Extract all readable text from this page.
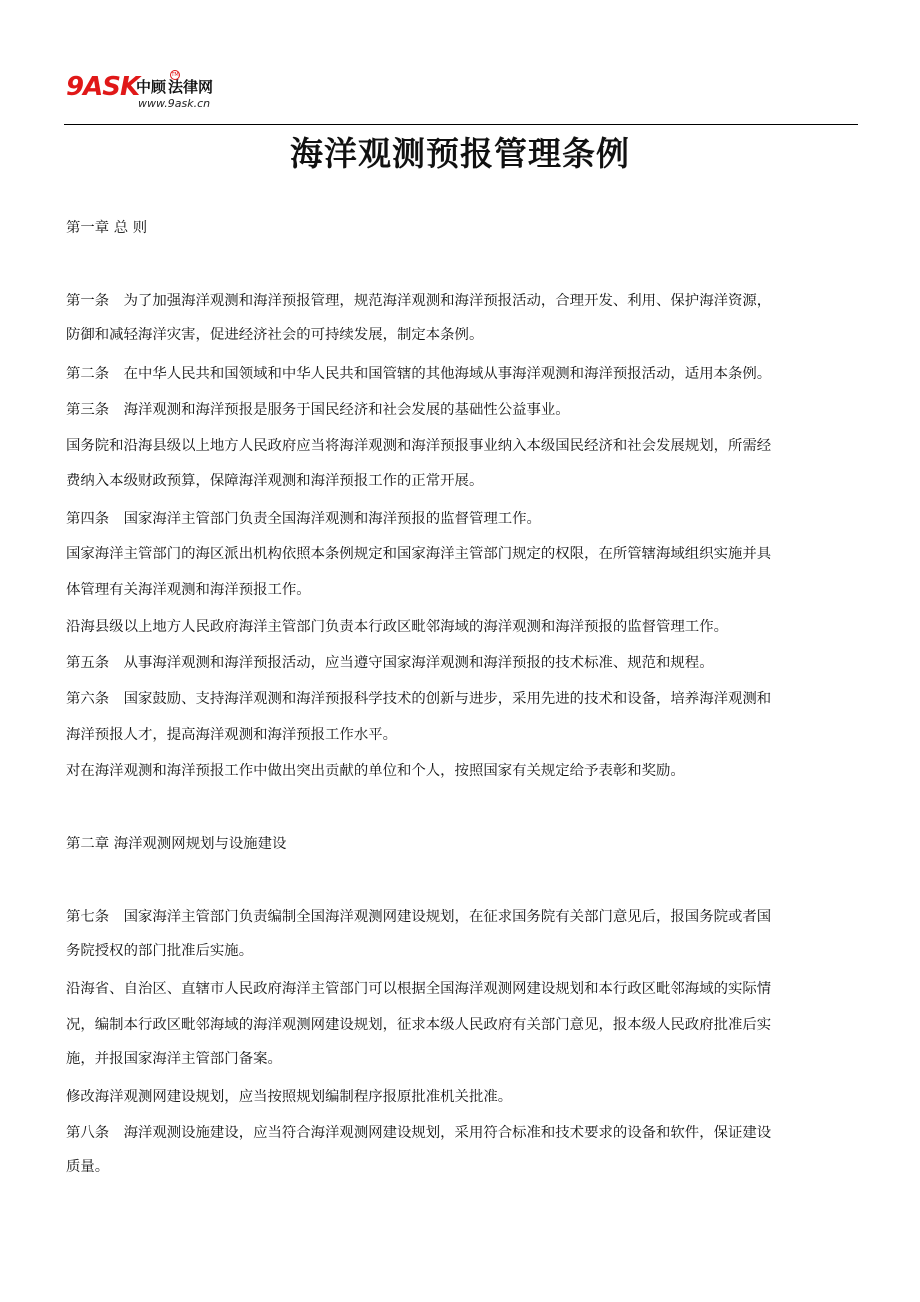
9ASK
中顾 法律网
TM
www.9ask.cn
海洋观测预报管理条例
第一章 总 则
第一条　为了加强海洋观测和海洋预报管理，规范海洋观测和海洋预报活动，合理开发、利用、保护海洋资源，
防御和减轻海洋灾害，促进经济社会的可持续发展，制定本条例。
第二条　在中华人民共和国领域和中华人民共和国管辖的其他海域从事海洋观测和海洋预报活动，适用本条例。
第三条　海洋观测和海洋预报是服务于国民经济和社会发展的基础性公益事业。
国务院和沿海县级以上地方人民政府应当将海洋观测和海洋预报事业纳入本级国民经济和社会发展规划，所需经
费纳入本级财政预算，保障海洋观测和海洋预报工作的正常开展。
第四条　国家海洋主管部门负责全国海洋观测和海洋预报的监督管理工作。
国家海洋主管部门的海区派出机构依照本条例规定和国家海洋主管部门规定的权限，在所管辖海域组织实施并具
体管理有关海洋观测和海洋预报工作。
沿海县级以上地方人民政府海洋主管部门负责本行政区毗邻海域的海洋观测和海洋预报的监督管理工作。
第五条　从事海洋观测和海洋预报活动，应当遵守国家海洋观测和海洋预报的技术标准、规范和规程。
第六条　国家鼓励、支持海洋观测和海洋预报科学技术的创新与进步，采用先进的技术和设备，培养海洋观测和
海洋预报人才，提高海洋观测和海洋预报工作水平。
对在海洋观测和海洋预报工作中做出突出贡献的单位和个人，按照国家有关规定给予表彰和奖励。
第二章 海洋观测网规划与设施建设
第七条　国家海洋主管部门负责编制全国海洋观测网建设规划，在征求国务院有关部门意见后，报国务院或者国
务院授权的部门批准后实施。
沿海省、自治区、直辖市人民政府海洋主管部门可以根据全国海洋观测网建设规划和本行政区毗邻海域的实际情
况，编制本行政区毗邻海域的海洋观测网建设规划，征求本级人民政府有关部门意见，报本级人民政府批准后实
施，并报国家海洋主管部门备案。
修改海洋观测网建设规划，应当按照规划编制程序报原批准机关批准。
第八条　海洋观测设施建设，应当符合海洋观测网建设规划，采用符合标准和技术要求的设备和软件，保证建设
质量。
